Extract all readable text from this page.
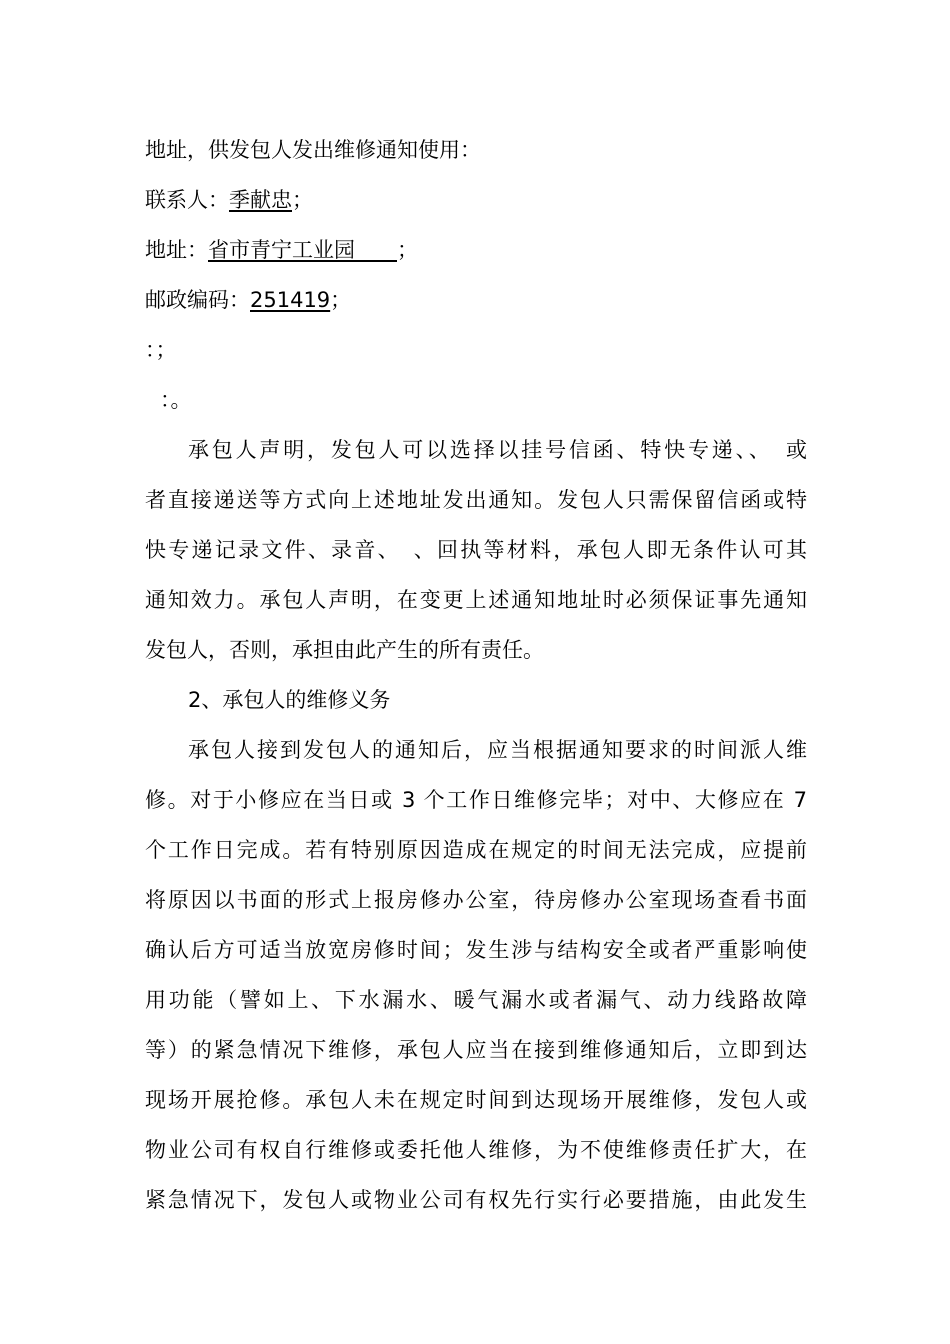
地址，供发包人发出维修通知使用：
联系人：季献忠；
地址：省市青宁工业园　　；
邮政编码：251419；
：；
：。
承包人声明，发包人可以选择以挂号信函、特快专递、、　或
者直接递送等方式向上述地址发出通知。发包人只需保留信函或特
快专递记录文件、录音、　、回执等材料，承包人即无条件认可其
通知效力。承包人声明，在变更上述通知地址时必须保证事先通知
发包人，否则，承担由此产生的所有责任。
2、承包人的维修义务
承包人接到发包人的通知后，应当根据通知要求的时间派人维
修。对于小修应在当日或 3 个工作日维修完毕；对中、大修应在 7
个工作日完成。若有特别原因造成在规定的时间无法完成，应提前
将原因以书面的形式上报房修办公室，待房修办公室现场查看书面
确认后方可适当放宽房修时间；发生涉与结构安全或者严重影响使
用功能（譬如上、下水漏水、暖气漏水或者漏气、动力线路故障
等）的紧急情况下维修，承包人应当在接到维修通知后，立即到达
现场开展抢修。承包人未在规定时间到达现场开展维修，发包人或
物业公司有权自行维修或委托他人维修，为不使维修责任扩大，在
紧急情况下，发包人或物业公司有权先行实行必要措施，由此发生
